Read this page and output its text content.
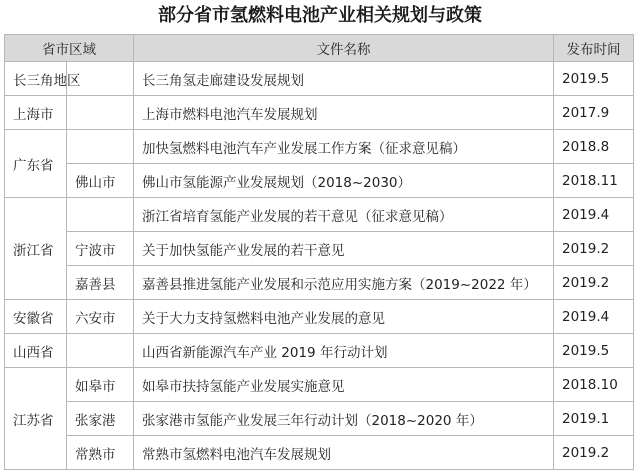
部分省市氢燃料电池产业相关规划与政策
省市区域		文件名称	发布时间
长三角地区		长三角氢走廊建设发展规划	2019.5
上海市		上海市燃料电池汽车发展规划	2017.9
广东省		加快氢燃料电池汽车产业发展工作方案（征求意见稿）	2018.8
	佛山市	佛山市氢能源产业发展规划（2018~2030）	2018.11
浙江省		浙江省培育氢能产业发展的若干意见（征求意见稿）	2019.4
	宁波市	关于加快氢能产业发展的若干意见	2019.2
	嘉善县	嘉善县推进氢能产业发展和示范应用实施方案（2019~2022 年）	2019.2
安徽省	六安市	关于大力支持氢燃料电池产业发展的意见	2019.4
山西省		山西省新能源汽车产业 2019 年行动计划	2019.5
江苏省	如皋市	如皋市扶持氢能产业发展实施意见	2018.10
	张家港	张家港市氢能产业发展三年行动计划（2018~2020 年）	2019.1
	常熟市	常熟市氢燃料电池汽车发展规划	2019.2
